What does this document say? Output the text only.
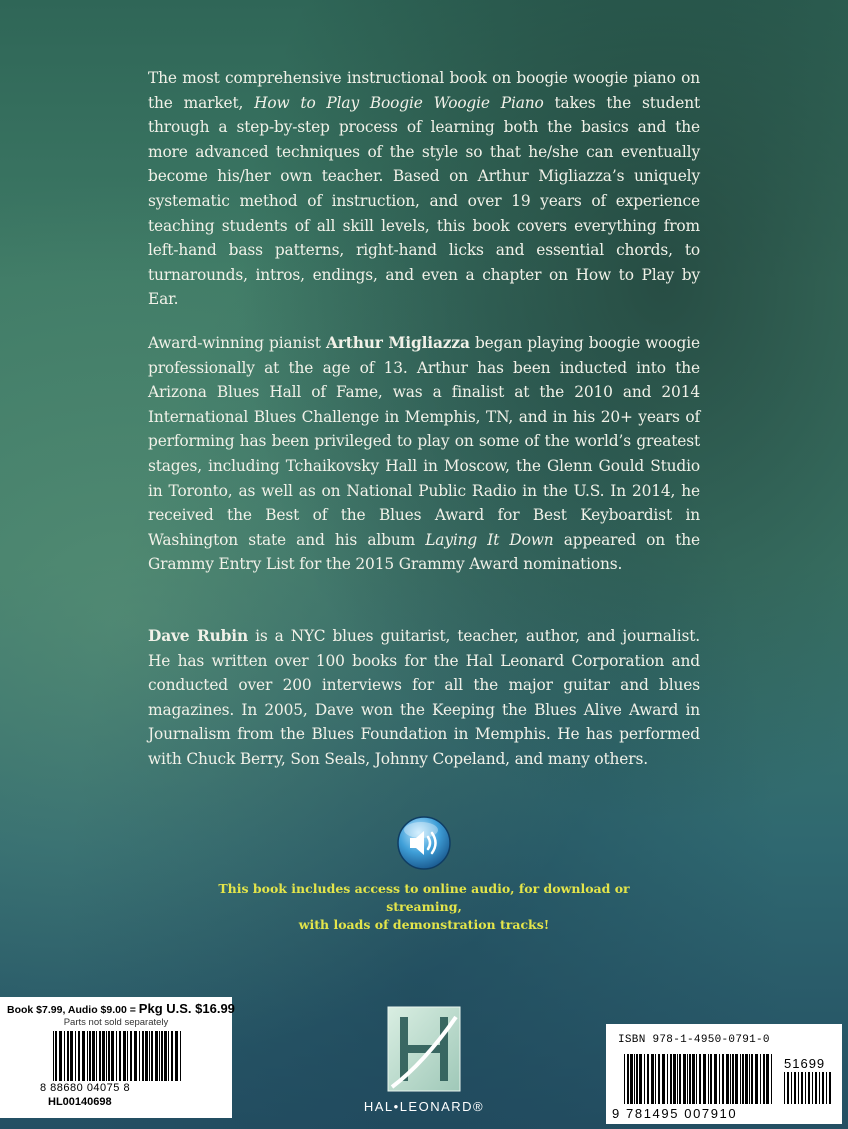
The most comprehensive instructional book on boogie woogie piano on the market, How to Play Boogie Woogie Piano takes the student through a step-by-step process of learning both the basics and the more advanced techniques of the style so that he/she can eventually become his/her own teacher. Based on Arthur Migliazza’s uniquely systematic method of instruction, and over 19 years of experience teaching students of all skill levels, this book covers everything from left-hand bass patterns, right-hand licks and essential chords, to turnarounds, intros, endings, and even a chapter on How to Play by Ear.
Award-winning pianist Arthur Migliazza began playing boogie woogie professionally at the age of 13. Arthur has been inducted into the Arizona Blues Hall of Fame, was a finalist at the 2010 and 2014 International Blues Challenge in Memphis, TN, and in his 20+ years of performing has been privileged to play on some of the world’s greatest stages, including Tchaikovsky Hall in Moscow, the Glenn Gould Studio in Toronto, as well as on National Public Radio in the U.S. In 2014, he received the Best of the Blues Award for Best Keyboardist in Washington state and his album Laying It Down appeared on the Grammy Entry List for the 2015 Grammy Award nominations.
Dave Rubin is a NYC blues guitarist, teacher, author, and journalist. He has written over 100 books for the Hal Leonard Corporation and conducted over 200 interviews for all the major guitar and blues magazines. In 2005, Dave won the Keeping the Blues Alive Award in Journalism from the Blues Foundation in Memphis. He has performed with Chuck Berry, Son Seals, Johnny Copeland, and many others.
This book includes access to online audio, for download or streaming,
with loads of demonstration tracks!
Book $7.99, Audio $9.00 = Pkg U.S. $16.99
Parts not sold separately
8 88680 04075 8
HL00140698	HAL•LEONARD®
ISBN 978-1-4950-0791-0
51699
9 781495 007910
